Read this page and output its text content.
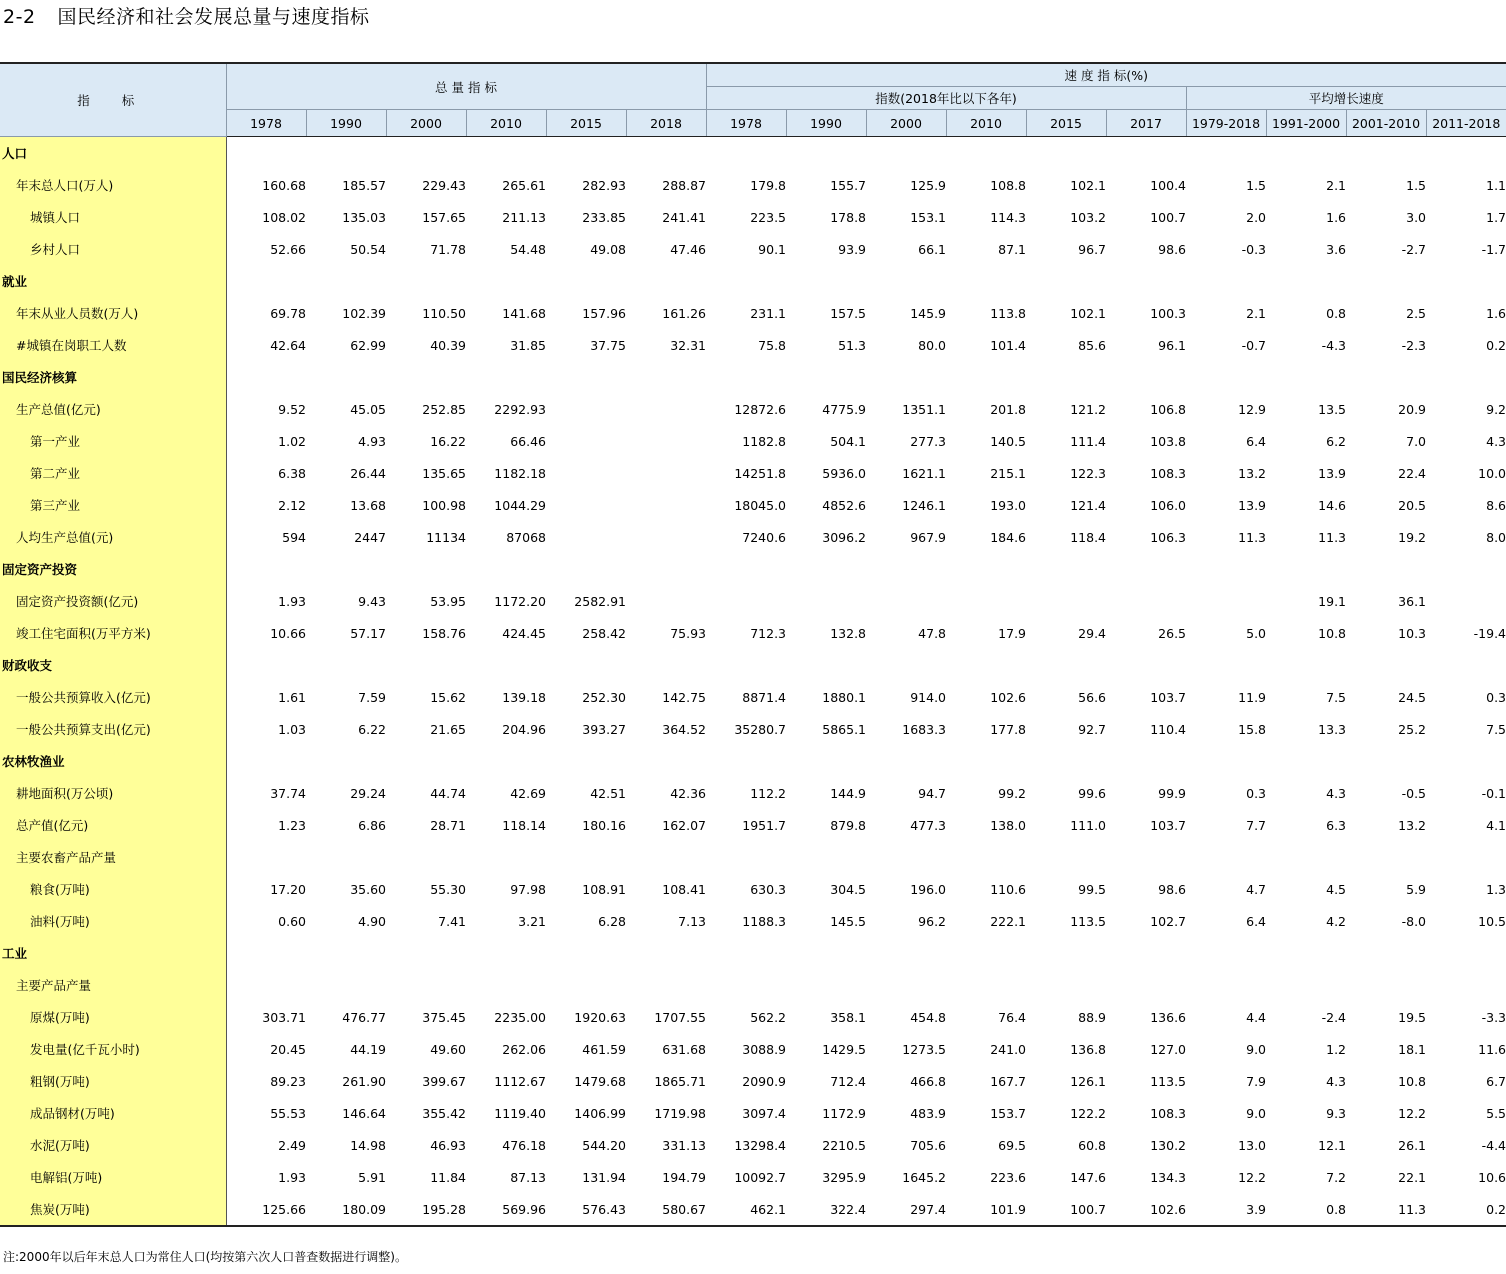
2-2 国民经济和社会发展总量与速度指标
指 标	总 量 指 标						速 度 指 标(%)									
							指数(2018年比以下各年)						平均增长速度			
	1978	1990	2000	2010	2015	2018	1978	1990	2000	2010	2015	2017	1979-2018	1991-2000	2001-2010	2011-2018
人口																
年末总人口(万人)	160.68	185.57	229.43	265.61	282.93	288.87	179.8	155.7	125.9	108.8	102.1	100.4	1.5	2.1	1.5	1.1
城镇人口	108.02	135.03	157.65	211.13	233.85	241.41	223.5	178.8	153.1	114.3	103.2	100.7	2.0	1.6	3.0	1.7
乡村人口	52.66	50.54	71.78	54.48	49.08	47.46	90.1	93.9	66.1	87.1	96.7	98.6	-0.3	3.6	-2.7	-1.7
就业																
年末从业人员数(万人)	69.78	102.39	110.50	141.68	157.96	161.26	231.1	157.5	145.9	113.8	102.1	100.3	2.1	0.8	2.5	1.6
#城镇在岗职工人数	42.64	62.99	40.39	31.85	37.75	32.31	75.8	51.3	80.0	101.4	85.6	96.1	-0.7	-4.3	-2.3	0.2
国民经济核算																
生产总值(亿元)	9.52	45.05	252.85	2292.93			12872.6	4775.9	1351.1	201.8	121.2	106.8	12.9	13.5	20.9	9.2
第一产业	1.02	4.93	16.22	66.46			1182.8	504.1	277.3	140.5	111.4	103.8	6.4	6.2	7.0	4.3
第二产业	6.38	26.44	135.65	1182.18			14251.8	5936.0	1621.1	215.1	122.3	108.3	13.2	13.9	22.4	10.0
第三产业	2.12	13.68	100.98	1044.29			18045.0	4852.6	1246.1	193.0	121.4	106.0	13.9	14.6	20.5	8.6
人均生产总值(元)	594	2447	11134	87068			7240.6	3096.2	967.9	184.6	118.4	106.3	11.3	11.3	19.2	8.0
固定资产投资																
固定资产投资额(亿元)	1.93	9.43	53.95	1172.20	2582.91									19.1	36.1	
竣工住宅面积(万平方米)	10.66	57.17	158.76	424.45	258.42	75.93	712.3	132.8	47.8	17.9	29.4	26.5	5.0	10.8	10.3	-19.4
财政收支																
一般公共预算收入(亿元)	1.61	7.59	15.62	139.18	252.30	142.75	8871.4	1880.1	914.0	102.6	56.6	103.7	11.9	7.5	24.5	0.3
一般公共预算支出(亿元)	1.03	6.22	21.65	204.96	393.27	364.52	35280.7	5865.1	1683.3	177.8	92.7	110.4	15.8	13.3	25.2	7.5
农林牧渔业																
耕地面积(万公顷)	37.74	29.24	44.74	42.69	42.51	42.36	112.2	144.9	94.7	99.2	99.6	99.9	0.3	4.3	-0.5	-0.1
总产值(亿元)	1.23	6.86	28.71	118.14	180.16	162.07	1951.7	879.8	477.3	138.0	111.0	103.7	7.7	6.3	13.2	4.1
主要农畜产品产量																
粮食(万吨)	17.20	35.60	55.30	97.98	108.91	108.41	630.3	304.5	196.0	110.6	99.5	98.6	4.7	4.5	5.9	1.3
油料(万吨)	0.60	4.90	7.41	3.21	6.28	7.13	1188.3	145.5	96.2	222.1	113.5	102.7	6.4	4.2	-8.0	10.5
工业																
主要产品产量																
原煤(万吨)	303.71	476.77	375.45	2235.00	1920.63	1707.55	562.2	358.1	454.8	76.4	88.9	136.6	4.4	-2.4	19.5	-3.3
发电量(亿千瓦小时)	20.45	44.19	49.60	262.06	461.59	631.68	3088.9	1429.5	1273.5	241.0	136.8	127.0	9.0	1.2	18.1	11.6
粗钢(万吨)	89.23	261.90	399.67	1112.67	1479.68	1865.71	2090.9	712.4	466.8	167.7	126.1	113.5	7.9	4.3	10.8	6.7
成品钢材(万吨)	55.53	146.64	355.42	1119.40	1406.99	1719.98	3097.4	1172.9	483.9	153.7	122.2	108.3	9.0	9.3	12.2	5.5
水泥(万吨)	2.49	14.98	46.93	476.18	544.20	331.13	13298.4	2210.5	705.6	69.5	60.8	130.2	13.0	12.1	26.1	-4.4
电解铝(万吨)	1.93	5.91	11.84	87.13	131.94	194.79	10092.7	3295.9	1645.2	223.6	147.6	134.3	12.2	7.2	22.1	10.6
焦炭(万吨)	125.66	180.09	195.28	569.96	576.43	580.67	462.1	322.4	297.4	101.9	100.7	102.6	3.9	0.8	11.3	0.2
注:2000年以后年末总人口为常住人口(均按第六次人口普查数据进行调整)。
